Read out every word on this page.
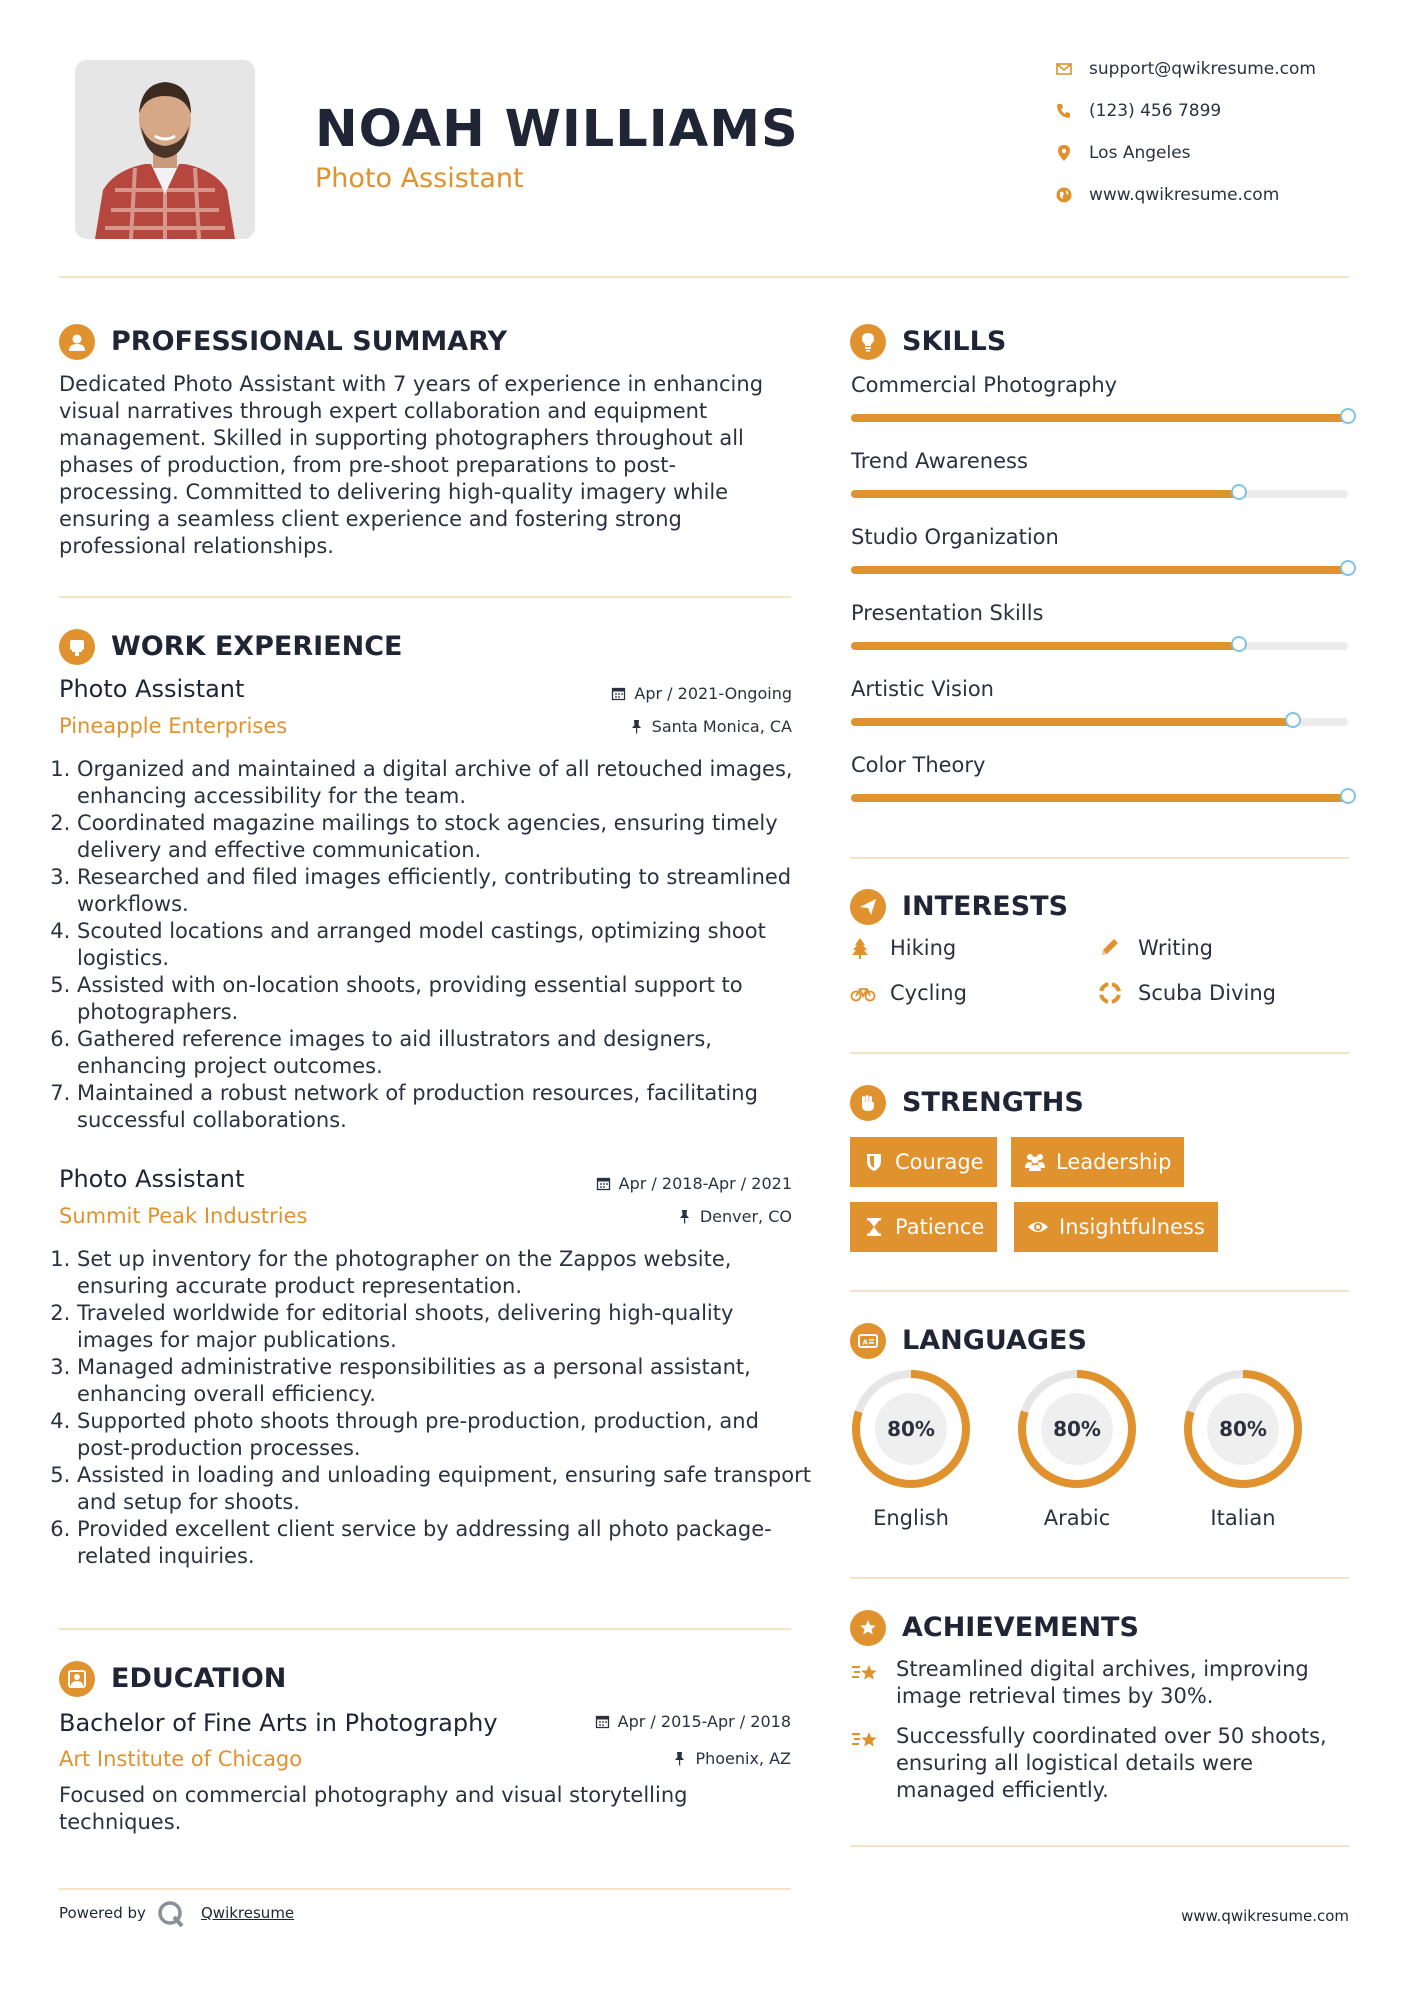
NOAH WILLIAMS
Photo Assistant
support@qwikresume.com
(123) 456 7899
Los Angeles
www.qwikresume.com
PROFESSIONAL SUMMARY
Dedicated Photo Assistant with 7 years of experience in enhancing visual narratives through expert collaboration and equipment management. Skilled in supporting photographers throughout all phases of production, from pre-shoot preparations to post-processing. Committed to delivering high-quality imagery while ensuring a seamless client experience and fostering strong professional relationships.
WORK EXPERIENCE
Photo Assistant	Apr / 2021-Ongoing
Pineapple Enterprises	Santa Monica, CA
1. Organized and maintained a digital archive of all retouched images, enhancing accessibility for the team.
2. Coordinated magazine mailings to stock agencies, ensuring timely delivery and effective communication.
3. Researched and filed images efficiently, contributing to streamlined workflows.
4. Scouted locations and arranged model castings, optimizing shoot logistics.
5. Assisted with on-location shoots, providing essential support to photographers.
6. Gathered reference images to aid illustrators and designers, enhancing project outcomes.
7. Maintained a robust network of production resources, facilitating successful collaborations.
Photo Assistant	Apr / 2018-Apr / 2021
Summit Peak Industries	Denver, CO
1. Set up inventory for the photographer on the Zappos website, ensuring accurate product representation.
2. Traveled worldwide for editorial shoots, delivering high-quality images for major publications.
3. Managed administrative responsibilities as a personal assistant, enhancing overall efficiency.
4. Supported photo shoots through pre-production, production, and post-production processes.
5. Assisted in loading and unloading equipment, ensuring safe transport and setup for shoots.
6. Provided excellent client service by addressing all photo package-related inquiries.
EDUCATION
Bachelor of Fine Arts in Photography	Apr / 2015-Apr / 2018
Art Institute of Chicago	Phoenix, AZ
Focused on commercial photography and visual storytelling techniques.
SKILLS
Commercial Photography
Trend Awareness
Studio Organization
Presentation Skills
Artistic Vision
Color Theory
INTERESTS
Hiking	Writing
Cycling	Scuba Diving
STRENGTHS
Courage	Leadership
Patience	Insightfulness
A LANGUAGES
80%
English
80%
Arabic
80%
Italian
ACHIEVEMENTS
Streamlined digital archives, improving image retrieval times by 30%.
Successfully coordinated over 50 shoots, ensuring all logistical details were managed efficiently.
Powered by	Qwikresume	www.qwikresume.com
